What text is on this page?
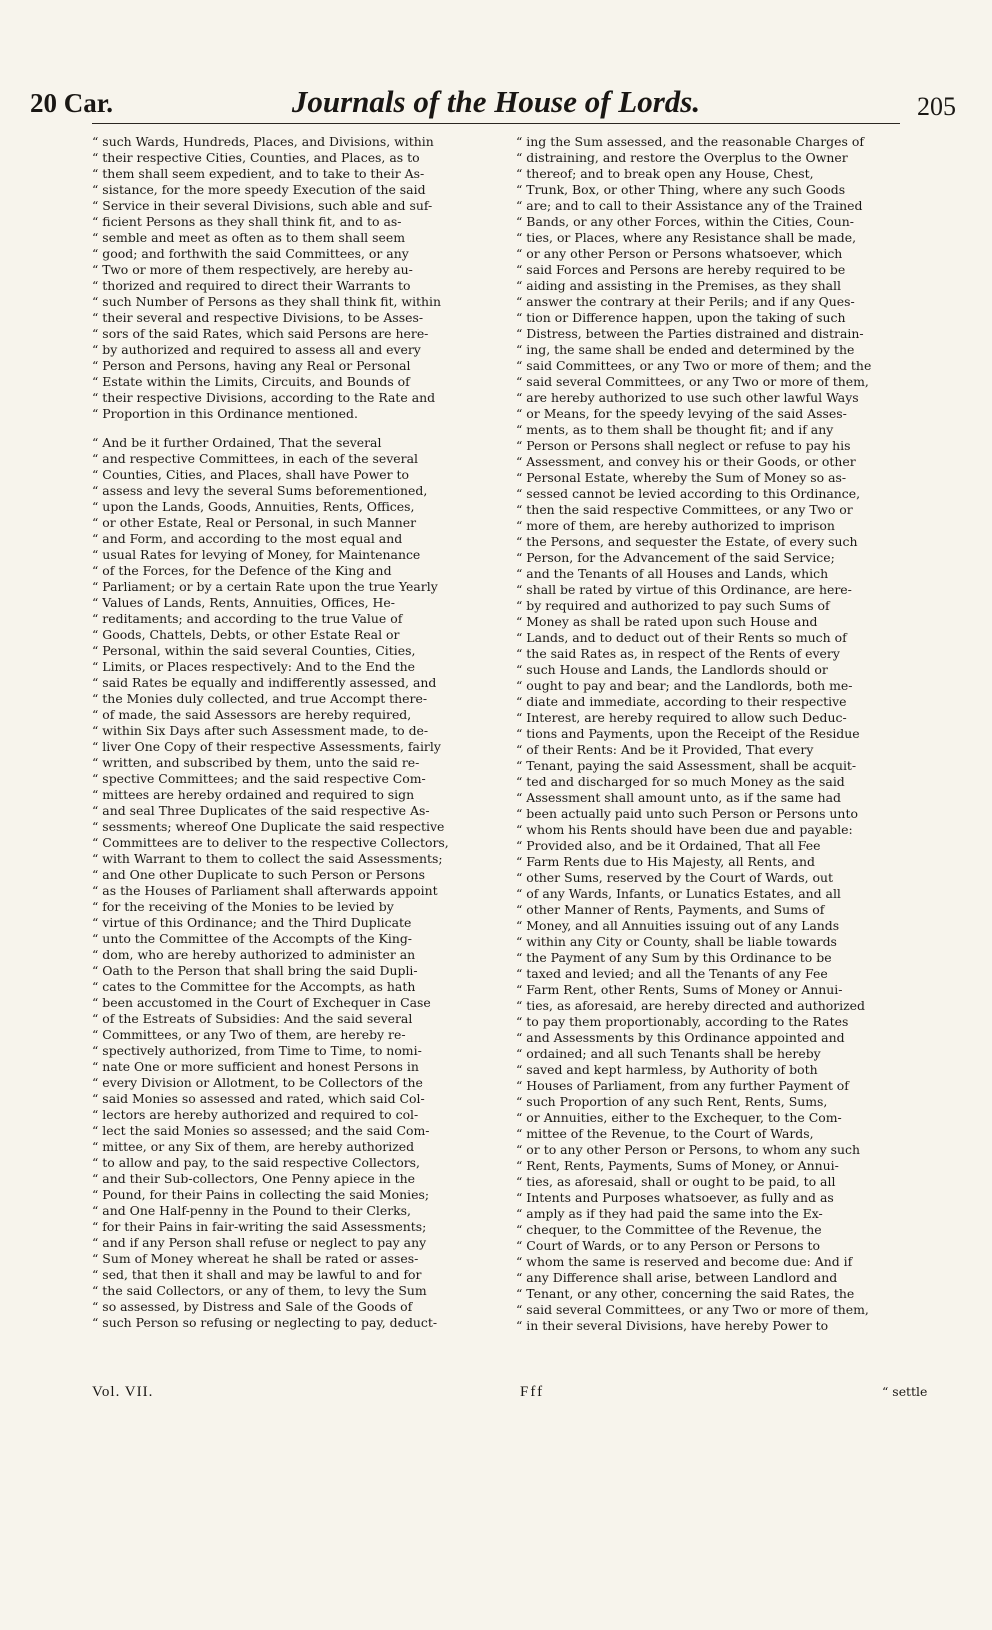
20 Car.	Journals of the House of Lords.	205
“ such Wards, Hundreds, Places, and Divisions, within
“ their respective Cities, Counties, and Places, as to
“ them shall seem expedient, and to take to their As-
“ sistance, for the more speedy Execution of the said
“ Service in their several Divisions, such able and suf-
“ ficient Persons as they shall think fit, and to as-
“ semble and meet as often as to them shall seem
“ good; and forthwith the said Committees, or any
“ Two or more of them respectively, are hereby au-
“ thorized and required to direct their Warrants to
“ such Number of Persons as they shall think fit, within
“ their several and respective Divisions, to be Asses-
“ sors of the said Rates, which said Persons are here-
“ by authorized and required to assess all and every
“ Person and Persons, having any Real or Personal
“ Estate within the Limits, Circuits, and Bounds of
“ their respective Divisions, according to the Rate and
“ Proportion in this Ordinance mentioned.
“ And be it further Ordained, That the several
“ and respective Committees, in each of the several
“ Counties, Cities, and Places, shall have Power to
“ assess and levy the several Sums beforementioned,
“ upon the Lands, Goods, Annuities, Rents, Offices,
“ or other Estate, Real or Personal, in such Manner
“ and Form, and according to the most equal and
“ usual Rates for levying of Money, for Maintenance
“ of the Forces, for the Defence of the King and
“ Parliament; or by a certain Rate upon the true Yearly
“ Values of Lands, Rents, Annuities, Offices, He-
“ reditaments; and according to the true Value of
“ Goods, Chattels, Debts, or other Estate Real or
“ Personal, within the said several Counties, Cities,
“ Limits, or Places respectively: And to the End the
“ said Rates be equally and indifferently assessed, and
“ the Monies duly collected, and true Accompt there-
“ of made, the said Assessors are hereby required,
“ within Six Days after such Assessment made, to de-
“ liver One Copy of their respective Assessments, fairly
“ written, and subscribed by them, unto the said re-
“ spective Committees; and the said respective Com-
“ mittees are hereby ordained and required to sign
“ and seal Three Duplicates of the said respective As-
“ sessments; whereof One Duplicate the said respective
“ Committees are to deliver to the respective Collectors,
“ with Warrant to them to collect the said Assessments;
“ and One other Duplicate to such Person or Persons
“ as the Houses of Parliament shall afterwards appoint
“ for the receiving of the Monies to be levied by
“ virtue of this Ordinance; and the Third Duplicate
“ unto the Committee of the Accompts of the King-
“ dom, who are hereby authorized to administer an
“ Oath to the Person that shall bring the said Dupli-
“ cates to the Committee for the Accompts, as hath
“ been accustomed in the Court of Exchequer in Case
“ of the Estreats of Subsidies: And the said several
“ Committees, or any Two of them, are hereby re-
“ spectively authorized, from Time to Time, to nomi-
“ nate One or more sufficient and honest Persons in
“ every Division or Allotment, to be Collectors of the
“ said Monies so assessed and rated, which said Col-
“ lectors are hereby authorized and required to col-
“ lect the said Monies so assessed; and the said Com-
“ mittee, or any Six of them, are hereby authorized
“ to allow and pay, to the said respective Collectors,
“ and their Sub-collectors, One Penny apiece in the
“ Pound, for their Pains in collecting the said Monies;
“ and One Half-penny in the Pound to their Clerks,
“ for their Pains in fair-writing the said Assessments;
“ and if any Person shall refuse or neglect to pay any
“ Sum of Money whereat he shall be rated or asses-
“ sed, that then it shall and may be lawful to and for
“ the said Collectors, or any of them, to levy the Sum
“ so assessed, by Distress and Sale of the Goods of
“ such Person so refusing or neglecting to pay, deduct-
“ ing the Sum assessed, and the reasonable Charges of
“ distraining, and restore the Overplus to the Owner
“ thereof; and to break open any House, Chest,
“ Trunk, Box, or other Thing, where any such Goods
“ are; and to call to their Assistance any of the Trained
“ Bands, or any other Forces, within the Cities, Coun-
“ ties, or Places, where any Resistance shall be made,
“ or any other Person or Persons whatsoever, which
“ said Forces and Persons are hereby required to be
“ aiding and assisting in the Premises, as they shall
“ answer the contrary at their Perils; and if any Ques-
“ tion or Difference happen, upon the taking of such
“ Distress, between the Parties distrained and distrain-
“ ing, the same shall be ended and determined by the
“ said Committees, or any Two or more of them; and the
“ said several Committees, or any Two or more of them,
“ are hereby authorized to use such other lawful Ways
“ or Means, for the speedy levying of the said Asses-
“ ments, as to them shall be thought fit; and if any
“ Person or Persons shall neglect or refuse to pay his
“ Assessment, and convey his or their Goods, or other
“ Personal Estate, whereby the Sum of Money so as-
“ sessed cannot be levied according to this Ordinance,
“ then the said respective Committees, or any Two or
“ more of them, are hereby authorized to imprison
“ the Persons, and sequester the Estate, of every such
“ Person, for the Advancement of the said Service;
“ and the Tenants of all Houses and Lands, which
“ shall be rated by virtue of this Ordinance, are here-
“ by required and authorized to pay such Sums of
“ Money as shall be rated upon such House and
“ Lands, and to deduct out of their Rents so much of
“ the said Rates as, in respect of the Rents of every
“ such House and Lands, the Landlords should or
“ ought to pay and bear; and the Landlords, both me-
“ diate and immediate, according to their respective
“ Interest, are hereby required to allow such Deduc-
“ tions and Payments, upon the Receipt of the Residue
“ of their Rents: And be it Provided, That every
“ Tenant, paying the said Assessment, shall be acquit-
“ ted and discharged for so much Money as the said
“ Assessment shall amount unto, as if the same had
“ been actually paid unto such Person or Persons unto
“ whom his Rents should have been due and payable:
“ Provided also, and be it Ordained, That all Fee
“ Farm Rents due to His Majesty, all Rents, and
“ other Sums, reserved by the Court of Wards, out
“ of any Wards, Infants, or Lunatics Estates, and all
“ other Manner of Rents, Payments, and Sums of
“ Money, and all Annuities issuing out of any Lands
“ within any City or County, shall be liable towards
“ the Payment of any Sum by this Ordinance to be
“ taxed and levied; and all the Tenants of any Fee
“ Farm Rent, other Rents, Sums of Money or Annui-
“ ties, as aforesaid, are hereby directed and authorized
“ to pay them proportionably, according to the Rates
“ and Assessments by this Ordinance appointed and
“ ordained; and all such Tenants shall be hereby
“ saved and kept harmless, by Authority of both
“ Houses of Parliament, from any further Payment of
“ such Proportion of any such Rent, Rents, Sums,
“ or Annuities, either to the Exchequer, to the Com-
“ mittee of the Revenue, to the Court of Wards,
“ or to any other Person or Persons, to whom any such
“ Rent, Rents, Payments, Sums of Money, or Annui-
“ ties, as aforesaid, shall or ought to be paid, to all
“ Intents and Purposes whatsoever, as fully and as
“ amply as if they had paid the same into the Ex-
“ chequer, to the Committee of the Revenue, the
“ Court of Wards, or to any Person or Persons to
“ whom the same is reserved and become due: And if
“ any Difference shall arise, between Landlord and
“ Tenant, or any other, concerning the said Rates, the
“ said several Committees, or any Two or more of them,
“ in their several Divisions, have hereby Power to
Vol. VII.	Fff	“ settle
